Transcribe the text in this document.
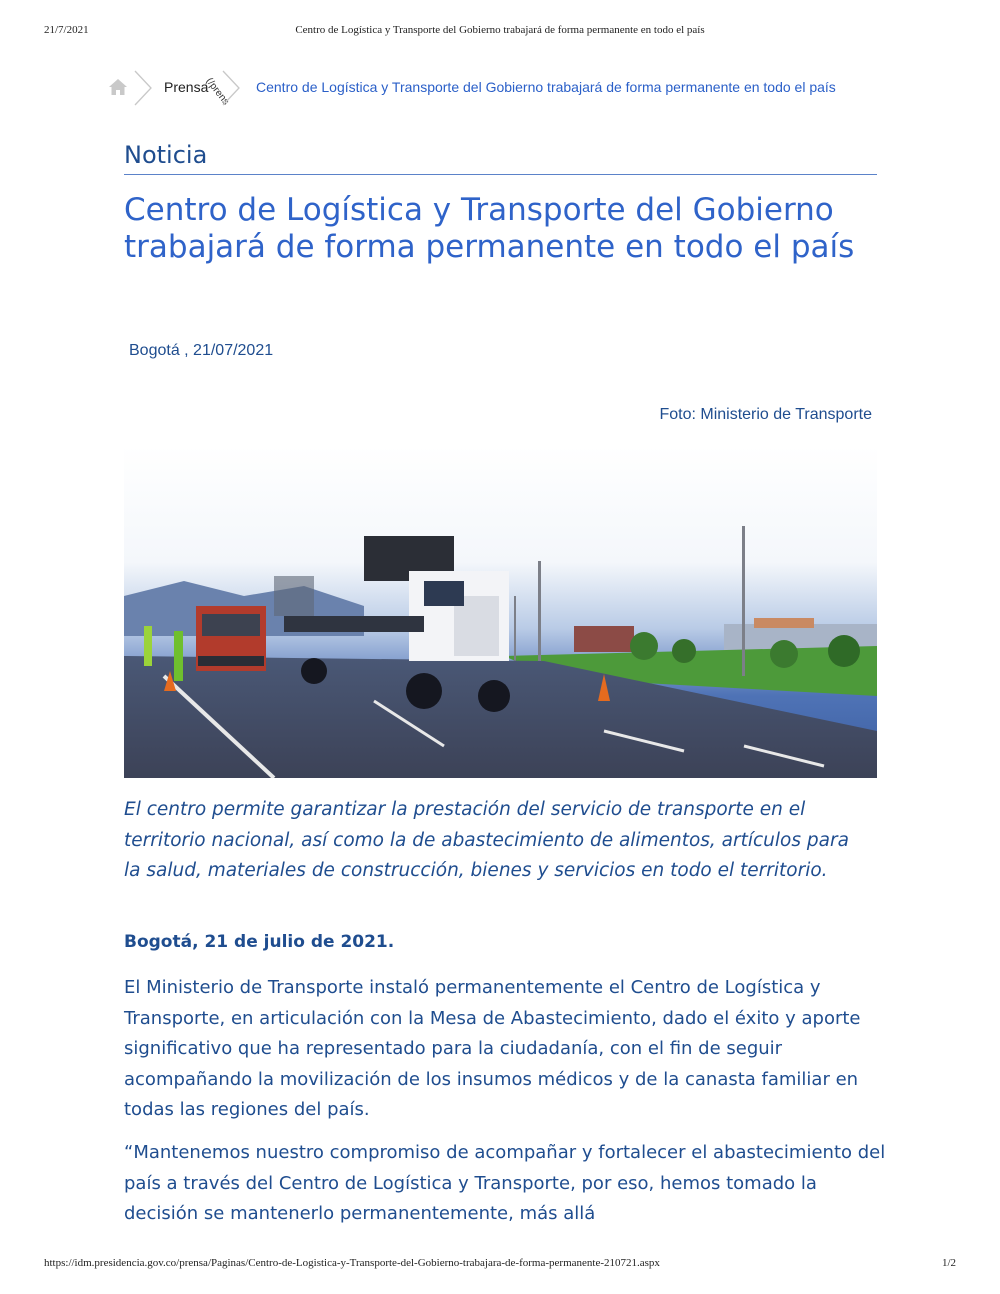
21/7/2021	Centro de Logística y Transporte del Gobierno trabajará de forma permanente en todo el país
Prensa
(/prens Centro de Logística y Transporte del Gobierno trabajará de forma permanente en todo el país
Noticia
Centro de Logística y Transporte del Gobierno trabajará de forma permanente en todo el país
Bogotá , 21/07/2021
Foto: Ministerio de Transporte

El centro permite garantizar la prestación del servicio de transporte en el territorio nacional, así como la de abastecimiento de alimentos, artículos para la salud, materiales de construcción, bienes y servicios en todo el territorio.

Bogotá, 21 de julio de 2021.

El Ministerio de Transporte instaló permanentemente el Centro de Logística y Transporte, en articulación con la Mesa de Abastecimiento, dado el éxito y aporte significativo que ha representado para la ciudadanía, con el fin de seguir acompañando la movilización de los insumos médicos y de la canasta familiar en todas las regiones del país.

“Mantenemos nuestro compromiso de acompañar y fortalecer el abastecimiento del país a través del Centro de Logística y Transporte, por eso, hemos tomado la decisión se mantenerlo permanentemente, más allá

https://idm.presidencia.gov.co/prensa/Paginas/Centro-de-Logistica-y-Transporte-del-Gobierno-trabajara-de-forma-permanente-210721.aspx	1/2
